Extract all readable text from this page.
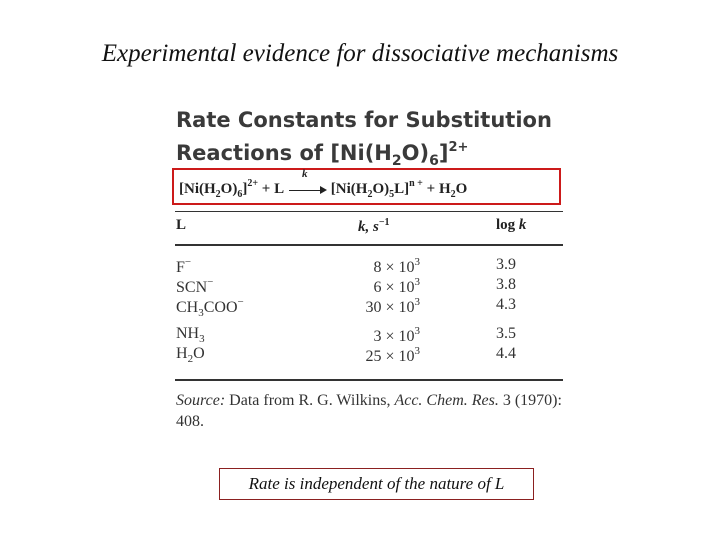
Experimental evidence for dissociative mechanisms
Rate Constants for Substitution
Reactions of $[Ni(H_2O)_6]^{2+}$
$[Ni(H_2O)_6]^{2+} + L$
k
$[Ni(H_2O)_5L]^{n +} + H_2O$
L	k, $s^{-1}$	log k
F−	$8 \times 10^3$	3.9
SCN−	$6 \times 10^3$	3.8
$CH_3COO^-$	$30 \times 10^3$	4.3
$NH_3$	$3 \times 10^3$	3.5
$H_2O$	$25 \times 10^3$	4.4
Source: Data from R. G. Wilkins, Acc. Chem. Res. 3 (1970): 408.
Rate is independent of the nature of L
